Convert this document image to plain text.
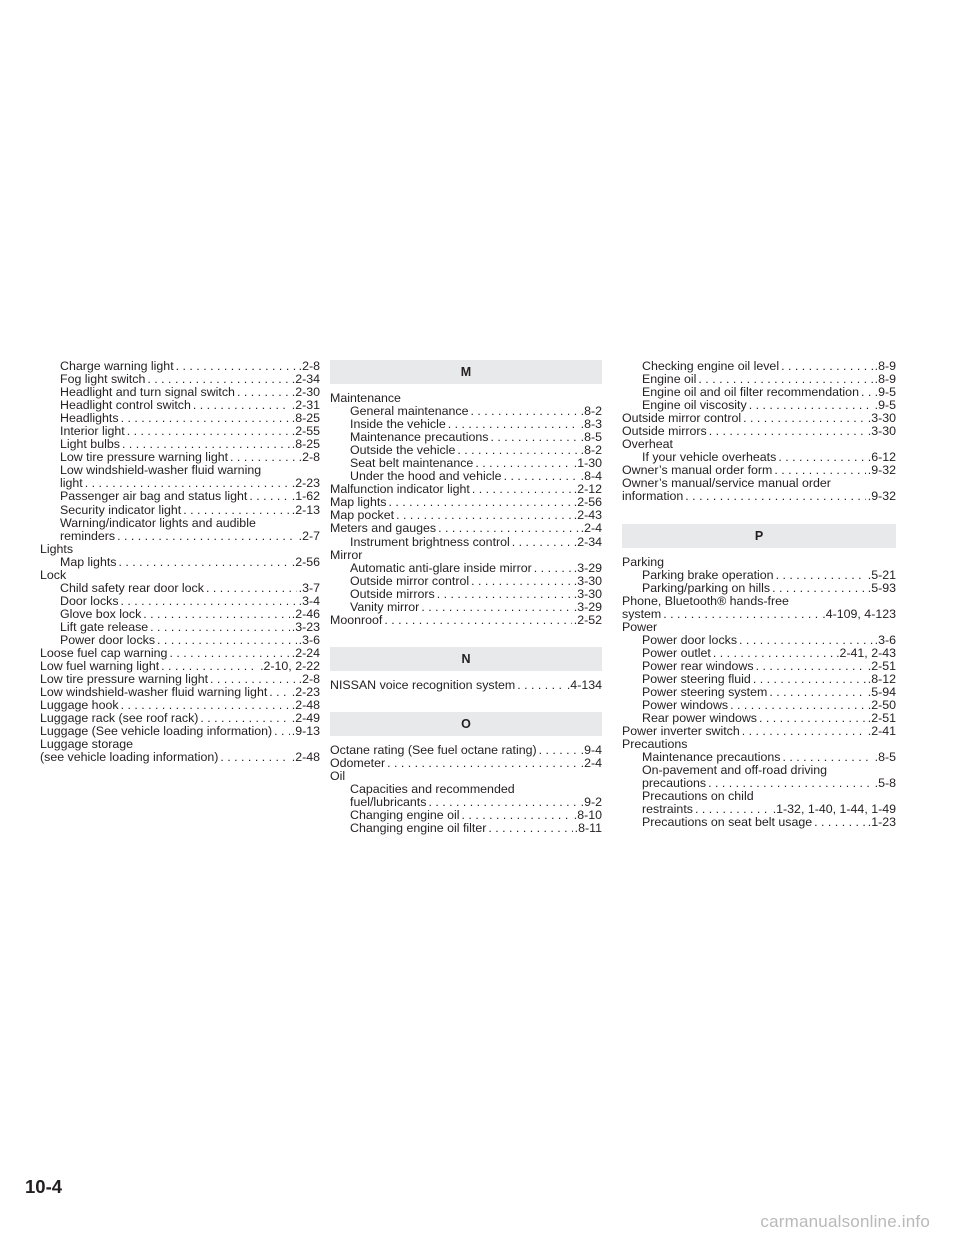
Charge warning light . . .	.2-8
Fog light switch . . .	.2-34
Headlight and turn signal switch . . .	.2-30
Headlight control switch . . .	.2-31
Headlights . . .	.8-25
Interior light . . .	.2-55
Light bulbs . . .	.8-25
Low tire pressure warning light . . .	.2-8
Low windshield-washer fluid warning
light . . .	.2-23
Passenger air bag and status light . . .	.1-62
Security indicator light . . .	.2-13
Warning/indicator lights and audible
reminders . . .	.2-7
Lights
Map lights . . .	.2-56
Lock
Child safety rear door lock . . .	.3-7
Door locks . . .	.3-4
Glove box lock . . .	.2-46
Lift gate release . . .	.3-23
Power door locks . . .	.3-6
Loose fuel cap warning . . .	.2-24
Low fuel warning light . . .	.2-10, 2-22
Low tire pressure warning light . . .	.2-8
Low windshield-washer fluid warning light . . . .2-23
Luggage hook . . .	.2-48
Luggage rack (see roof rack) . . .	.2-49
Luggage (See vehicle loading information) . . . .9-13
Luggage storage
(see vehicle loading information) . . .	.2-48
M
Maintenance
General maintenance . . .	.8-2
Inside the vehicle . . .	.8-3
Maintenance precautions . . .	.8-5
Outside the vehicle . . .	.8-2
Seat belt maintenance . . .	.1-30
Under the hood and vehicle . . .	.8-4
Malfunction indicator light . . .	.2-12
Map lights . . .	.2-56
Map pocket . . .	.2-43
Meters and gauges . . .	.2-4
Instrument brightness control . . .	.2-34
Mirror
Automatic anti-glare inside mirror . . .	.3-29
Outside mirror control . . .	.3-30
Outside mirrors . . .	.3-30
Vanity mirror . . .	.3-29
Moonroof . . .	.2-52
N
NISSAN voice recognition system . . .	.4-134
O
Octane rating (See fuel octane rating) . . .	.9-4
Odometer . . .	.2-4
Oil
Capacities and recommended
fuel/lubricants . . .	.9-2
Changing engine oil . . .	.8-10
Changing engine oil filter . . .	.8-11
Checking engine oil level . . .	.8-9
Engine oil . . .	.8-9
Engine oil and oil filter recommendation . . . .9-5
Engine oil viscosity . . .	.9-5
Outside mirror control . . .	.3-30
Outside mirrors . . .	.3-30
Overheat
If your vehicle overheats . . .	.6-12
Owner’s manual order form . . .	.9-32
Owner’s manual/service manual order
information . . .	.9-32
P
Parking
Parking brake operation . . .	.5-21
Parking/parking on hills . . .	.5-93
Phone, Bluetooth® hands-free
system . . .	.4-109, 4-123
Power
Power door locks . . .	.3-6
Power outlet . . .	.2-41, 2-43
Power rear windows . . .	.2-51
Power steering fluid . . .	.8-12
Power steering system . . .	.5-94
Power windows . . .	.2-50
Rear power windows . . .	.2-51
Power inverter switch . . .	.2-41
Precautions
Maintenance precautions . . .	.8-5
On-pavement and off-road driving
precautions . . .	.5-8
Precautions on child
restraints . . .	.1-32, 1-40, 1-44, 1-49
Precautions on seat belt usage . . .	.1-23
10-4
carmanualsonline.info
